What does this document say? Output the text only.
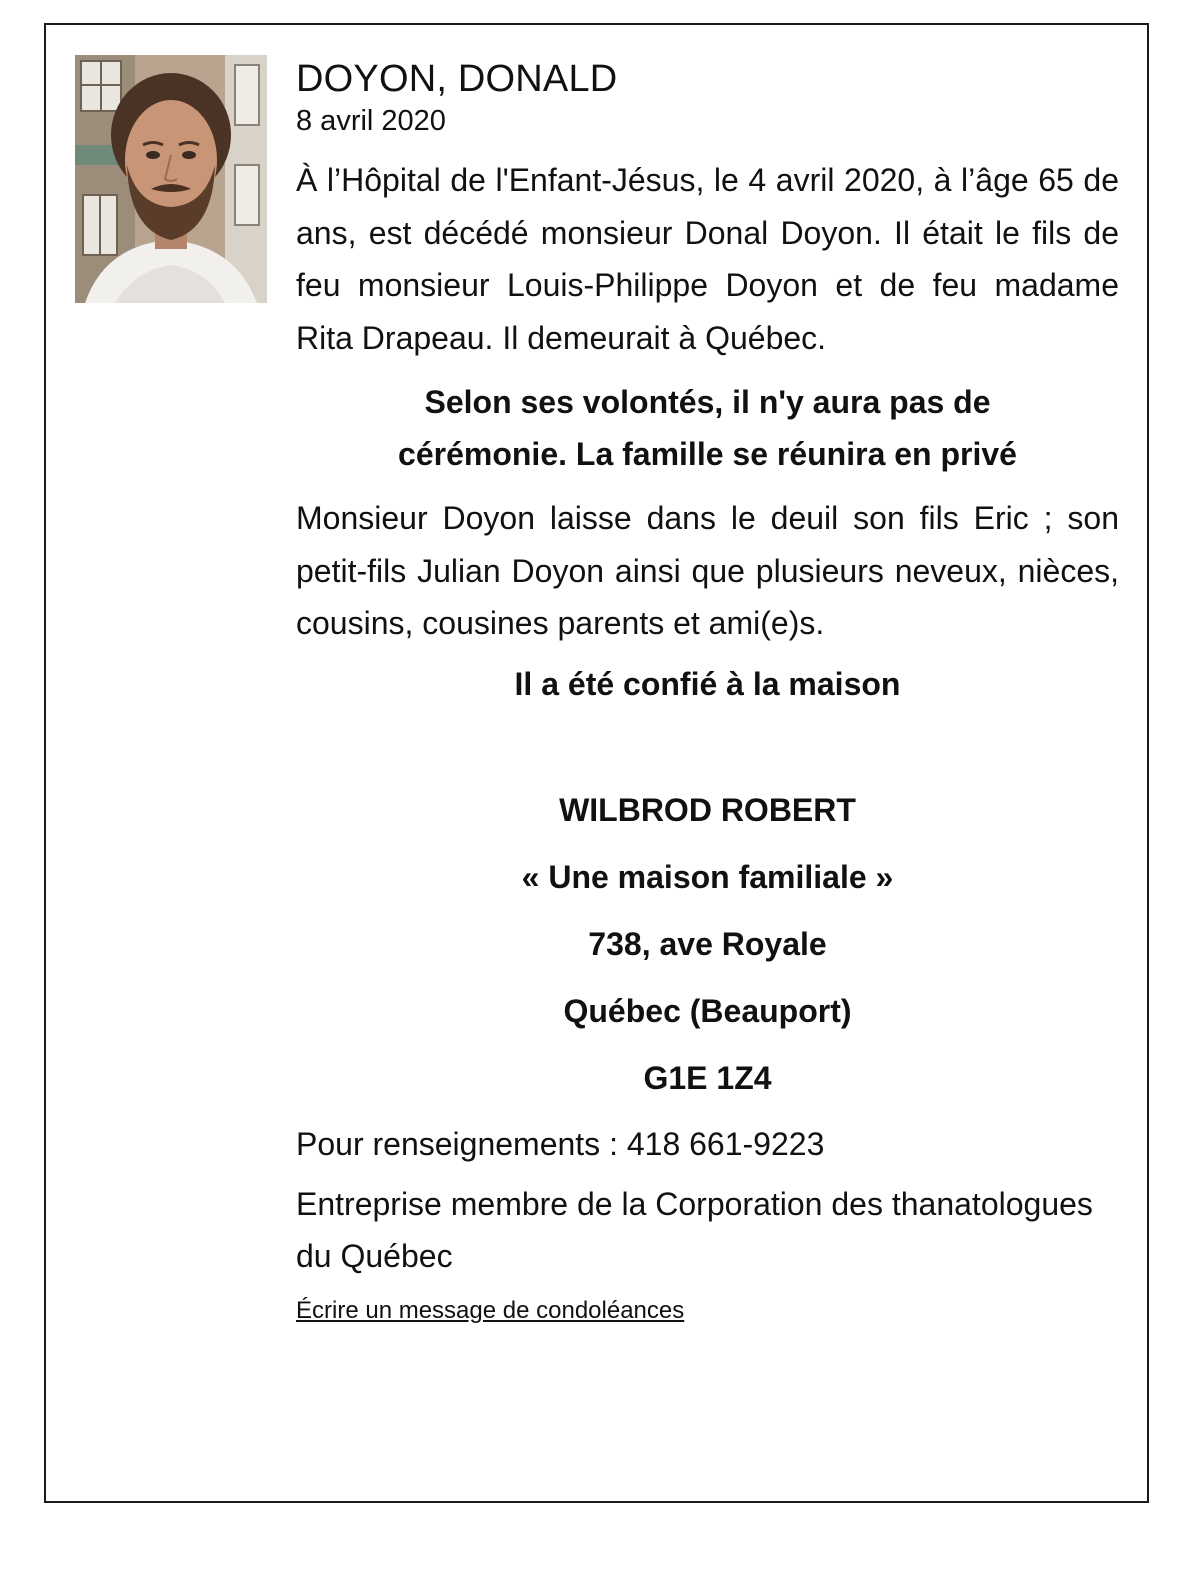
DOYON, DONALD
8 avril 2020

À l’Hôpital de l'Enfant-Jésus, le 4 avril 2020, à l’âge 65 de ans, est décédé monsieur Donal Doyon. Il était le fils de feu monsieur Louis-Philippe Doyon et de feu madame Rita Drapeau. Il demeurait à Québec.

Selon ses volontés, il n'y aura pas de

cérémonie. La famille se réunira en privé

Monsieur Doyon laisse dans le deuil son fils Eric ; son petit-fils Julian Doyon ainsi que plusieurs neveux, nièces, cousins, cousines parents et ami(e)s.

Il a été confié à la maison

WILBROD ROBERT

« Une maison familiale »

738, ave Royale

Québec (Beauport)

G1E 1Z4

Pour renseignements : 418 661-9223

Entreprise membre de la Corporation des thanatologues du Québec

Écrire un message de condoléances
